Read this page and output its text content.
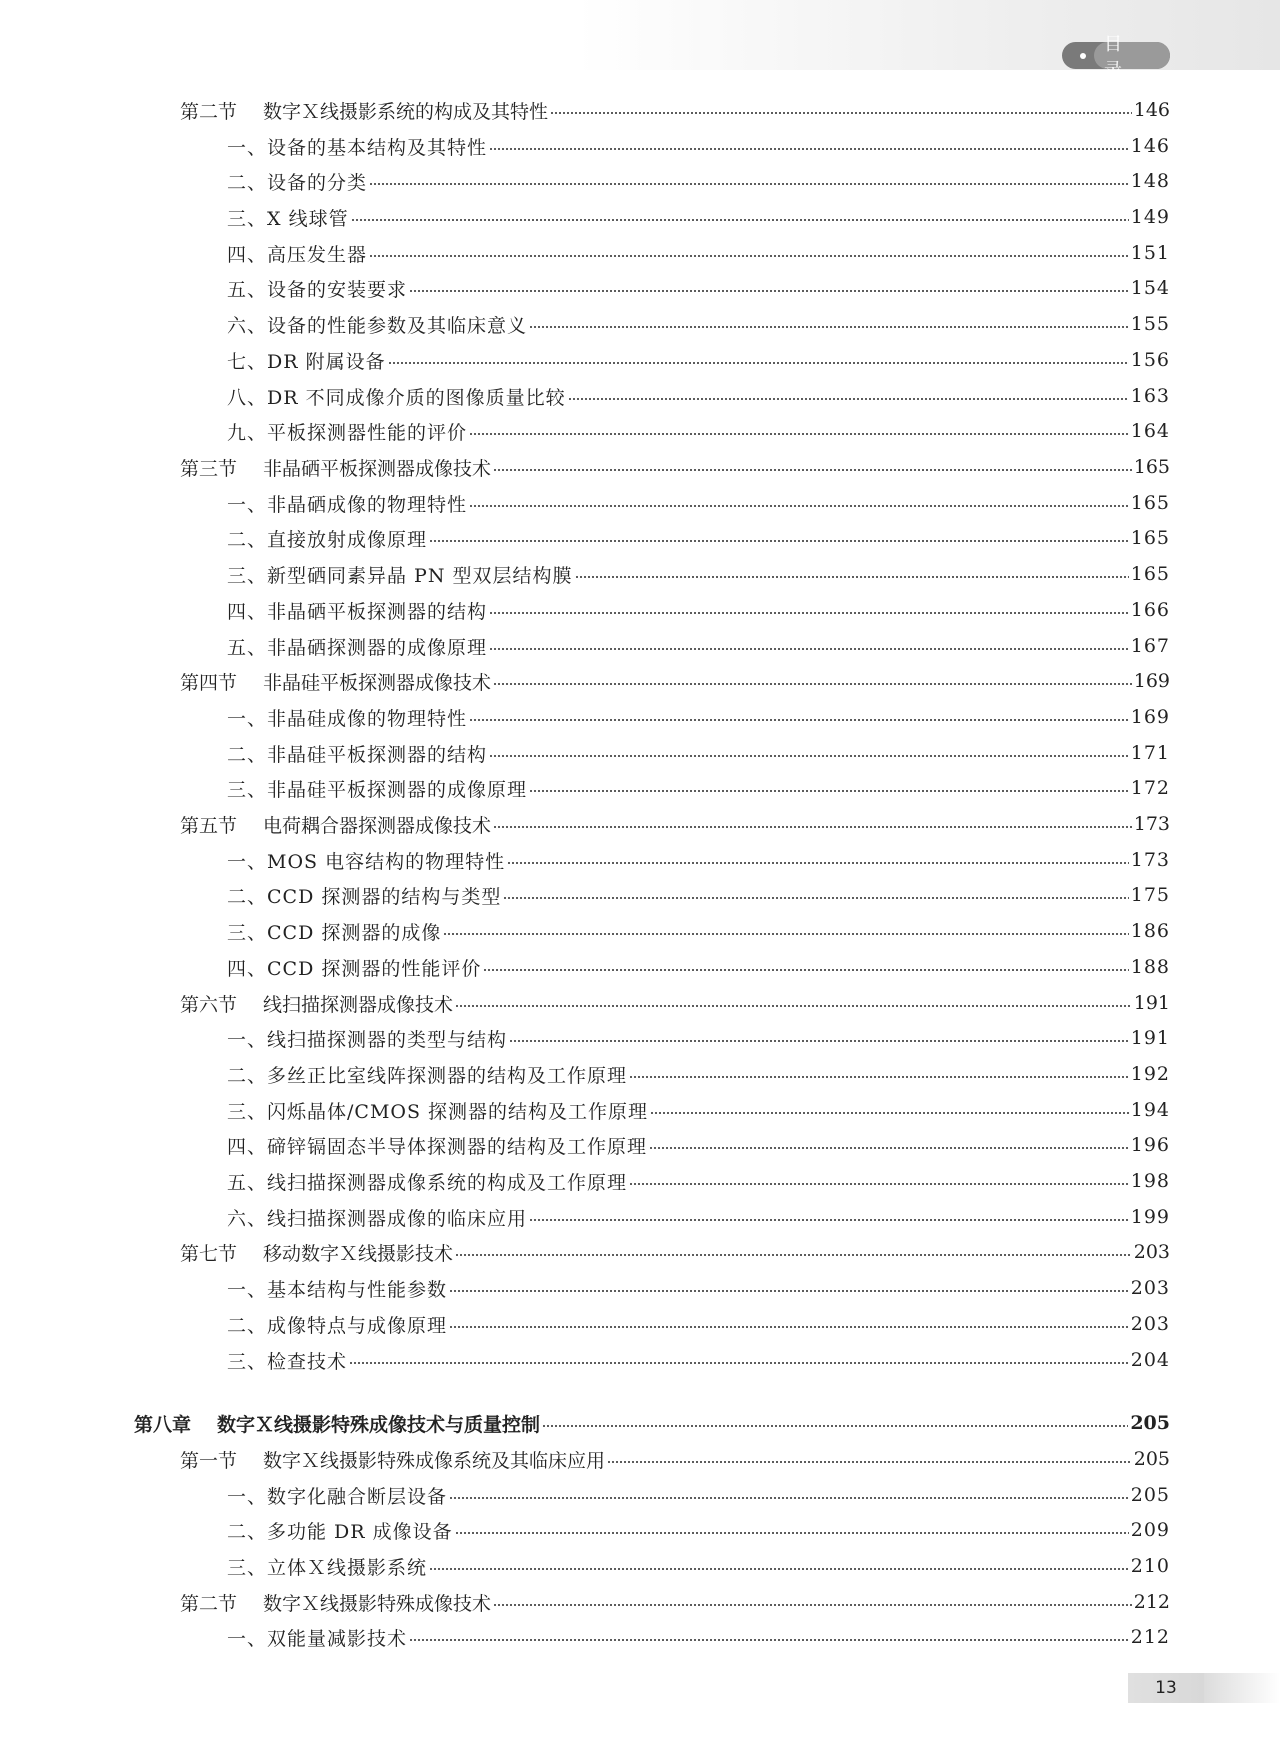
目 录
第二节 数字Ｘ线摄影系统的构成及其特性	146
一、设备的基本结构及其特性	146
二、设备的分类	148
三、X 线球管	149
四、高压发生器	151
五、设备的安装要求	154
六、设备的性能参数及其临床意义	155
七、DR 附属设备	156
八、DR 不同成像介质的图像质量比较	163
九、平板探测器性能的评价	164
第三节 非晶硒平板探测器成像技术	165
一、非晶硒成像的物理特性	165
二、直接放射成像原理	165
三、新型硒同素异晶 PN 型双层结构膜	165
四、非晶硒平板探测器的结构	166
五、非晶硒探测器的成像原理	167
第四节 非晶硅平板探测器成像技术	169
一、非晶硅成像的物理特性	169
二、非晶硅平板探测器的结构	171
三、非晶硅平板探测器的成像原理	172
第五节 电荷耦合器探测器成像技术	173
一、MOS 电容结构的物理特性	173
二、CCD 探测器的结构与类型	175
三、CCD 探测器的成像	186
四、CCD 探测器的性能评价	188
第六节 线扫描探测器成像技术	191
一、线扫描探测器的类型与结构	191
二、多丝正比室线阵探测器的结构及工作原理	192
三、闪烁晶体/CMOS 探测器的结构及工作原理	194
四、碲锌镉固态半导体探测器的结构及工作原理	196
五、线扫描探测器成像系统的构成及工作原理	198
六、线扫描探测器成像的临床应用	199
第七节 移动数字Ｘ线摄影技术	203
一、基本结构与性能参数	203
二、成像特点与成像原理	203
三、检查技术	204
第八章 数字Ｘ线摄影特殊成像技术与质量控制	205
第一节 数字Ｘ线摄影特殊成像系统及其临床应用	205
一、数字化融合断层设备	205
二、多功能 DR 成像设备	209
三、立体Ｘ线摄影系统	210
第二节 数字Ｘ线摄影特殊成像技术	212
一、双能量减影技术	212
13
